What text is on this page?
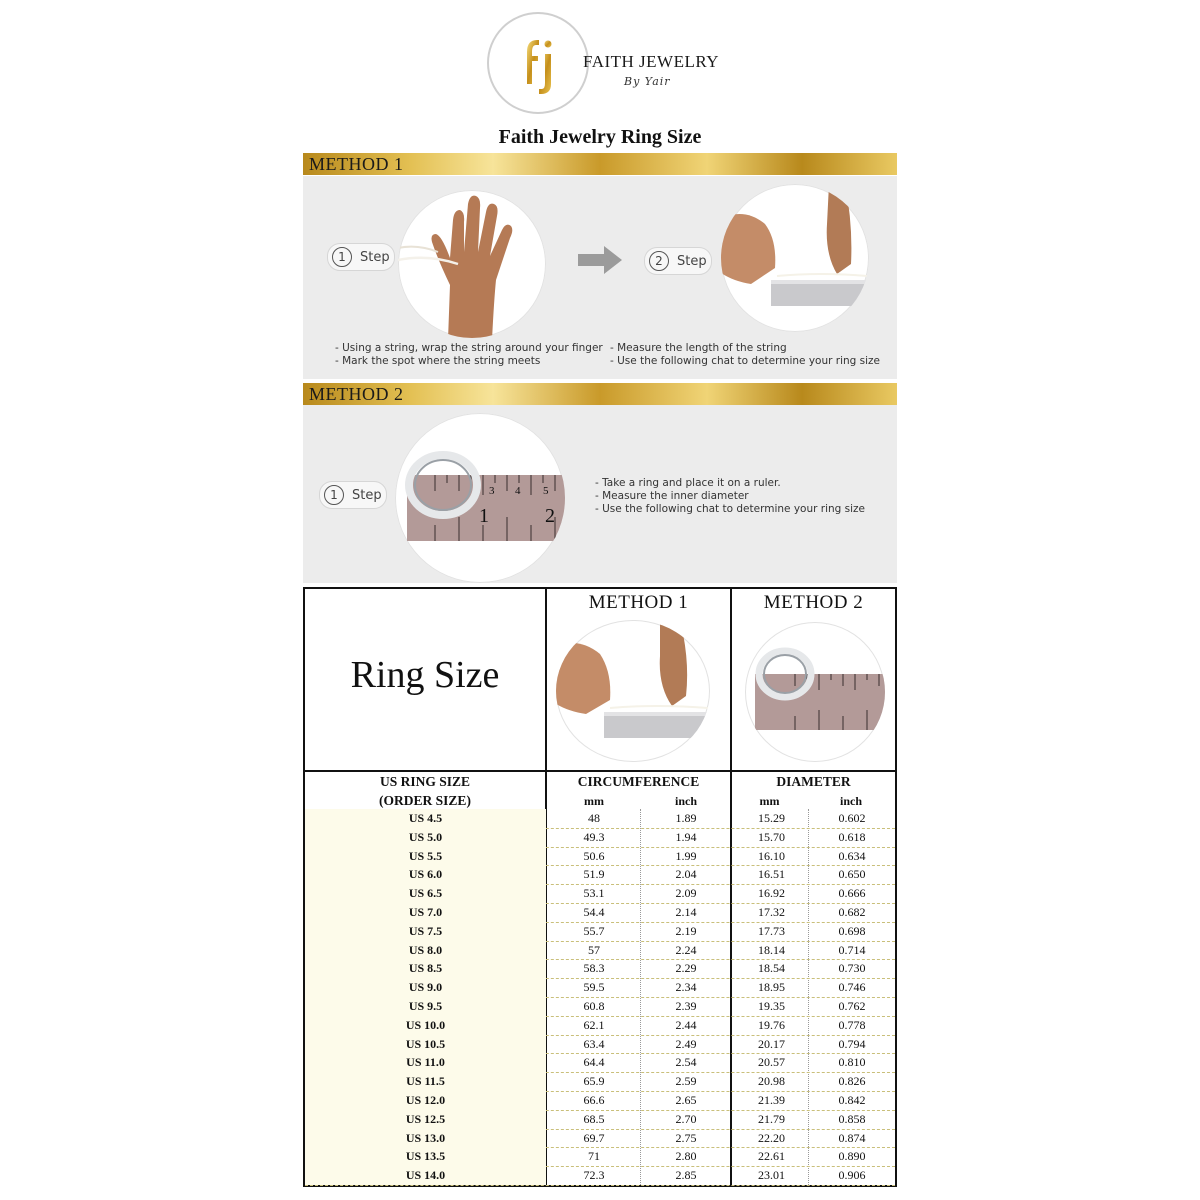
FAITH JEWELRY
By Yair
Faith Jewelry Ring Size
METHOD 1
1	Step	2	Step
- Using a string, wrap the string around your finger
- Mark the spot where the string meets
- Measure the length of the string
- Use the following chat to determine your ring size
METHOD 2
1	Step	3 4 5
1	2
- Take a ring and place it on a ruler.
- Measure the inner diameter
- Use the following chat to determine your ring size
Ring Size
METHOD 1	METHOD 2
US RING SIZE
(ORDER SIZE)
CIRCUMFERENCE	DIAMETER
mm	inch	mm	inch
US 4.5	48	1.89	15.29	0.602
US 5.0	49.3	1.94	15.70	0.618
US 5.5	50.6	1.99	16.10	0.634
US 6.0	51.9	2.04	16.51	0.650
US 6.5	53.1	2.09	16.92	0.666
US 7.0	54.4	2.14	17.32	0.682
US 7.5	55.7	2.19	17.73	0.698
US 8.0	57	2.24	18.14	0.714
US 8.5	58.3	2.29	18.54	0.730
US 9.0	59.5	2.34	18.95	0.746
US 9.5	60.8	2.39	19.35	0.762
US 10.0	62.1	2.44	19.76	0.778
US 10.5	63.4	2.49	20.17	0.794
US 11.0	64.4	2.54	20.57	0.810
US 11.5	65.9	2.59	20.98	0.826
US 12.0	66.6	2.65	21.39	0.842
US 12.5	68.5	2.70	21.79	0.858
US 13.0	69.7	2.75	22.20	0.874
US 13.5	71	2.80	22.61	0.890
US 14.0	72.3	2.85	23.01	0.906
